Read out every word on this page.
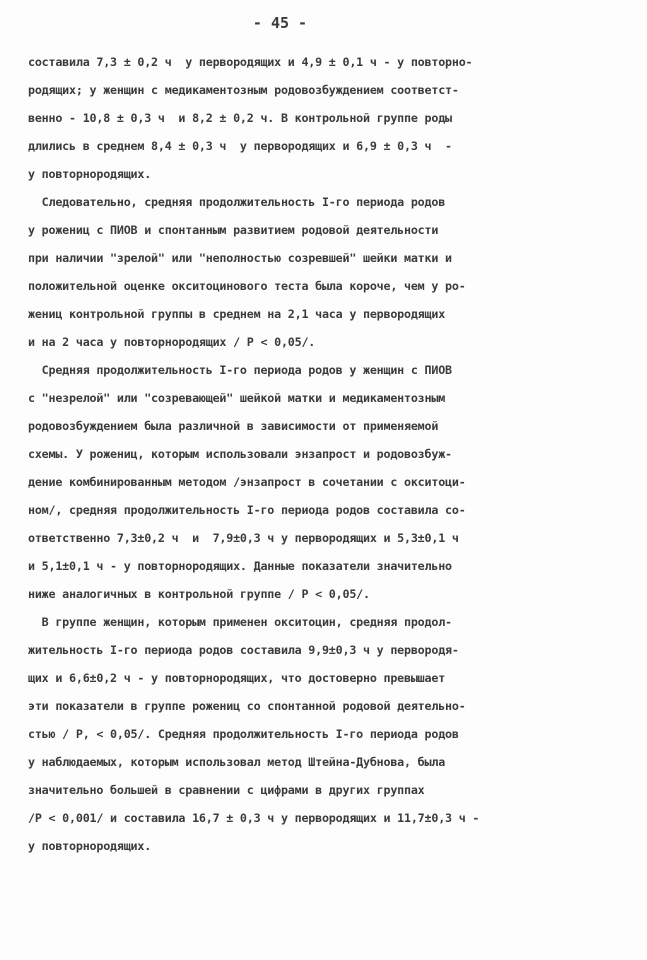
- 45 -
составила 7,3 ± 0,2 ч  у первородящих и 4,9 ± 0,1 ч - у повторно-
родящих; у женщин с медикаментозным родовозбуждением соответст-
венно - 10,8 ± 0,3 ч  и 8,2 ± 0,2 ч. В контрольной группе роды
длились в среднем 8,4 ± 0,3 ч  у первородящих и 6,9 ± 0,3 ч  -
у повторнородящих.
Следовательно, средняя продолжительность I-го периода родов
у рожениц с ПИОВ и спонтанным развитием родовой деятельности
при наличии "зрелой" или "неполностью созревшей" шейки матки и
положительной оценке окситоцинового теста была короче, чем у ро-
жениц контрольной группы в среднем на 2,1 часа у первородящих
и на 2 часа у повторнородящих / Р < 0,05/.
Средняя продолжительность I-го периода родов у женщин с ПИОВ
с "незрелой" или "созревающей" шейкой матки и медикаментозным
родовозбуждением была различной в зависимости от применяемой
схемы. У рожениц, которым использовали энзапрост и родовозбуж-
дение комбинированным методом /энзапрост в сочетании с окситоци-
ном/, средняя продолжительность I-го периода родов составила со-
ответственно 7,3±0,2 ч  и  7,9±0,3 ч у первородящих и 5,3±0,1 ч
и 5,1±0,1 ч - у повторнородящих. Данные показатели значительно
ниже аналогичных в контрольной группе / Р < 0,05/.
В группе женщин, которым применен окситоцин, средняя продол-
жительность I-го периода родов составила 9,9±0,3 ч у первородя-
щих и 6,6±0,2 ч - у повторнородящих, что достоверно превышает
эти показатели в группе рожениц со спонтанной родовой деятельно-
стью / Р, < 0,05/. Средняя продолжительность I-го периода родов
у наблюдаемых, которым использовал метод Штейна-Дубнова, была
значительно большей в сравнении с цифрами в других группах
/Р < 0,001/ и составила 16,7 ± 0,3 ч у первородящих и 11,7±0,3 ч -
у повторнородящих.
